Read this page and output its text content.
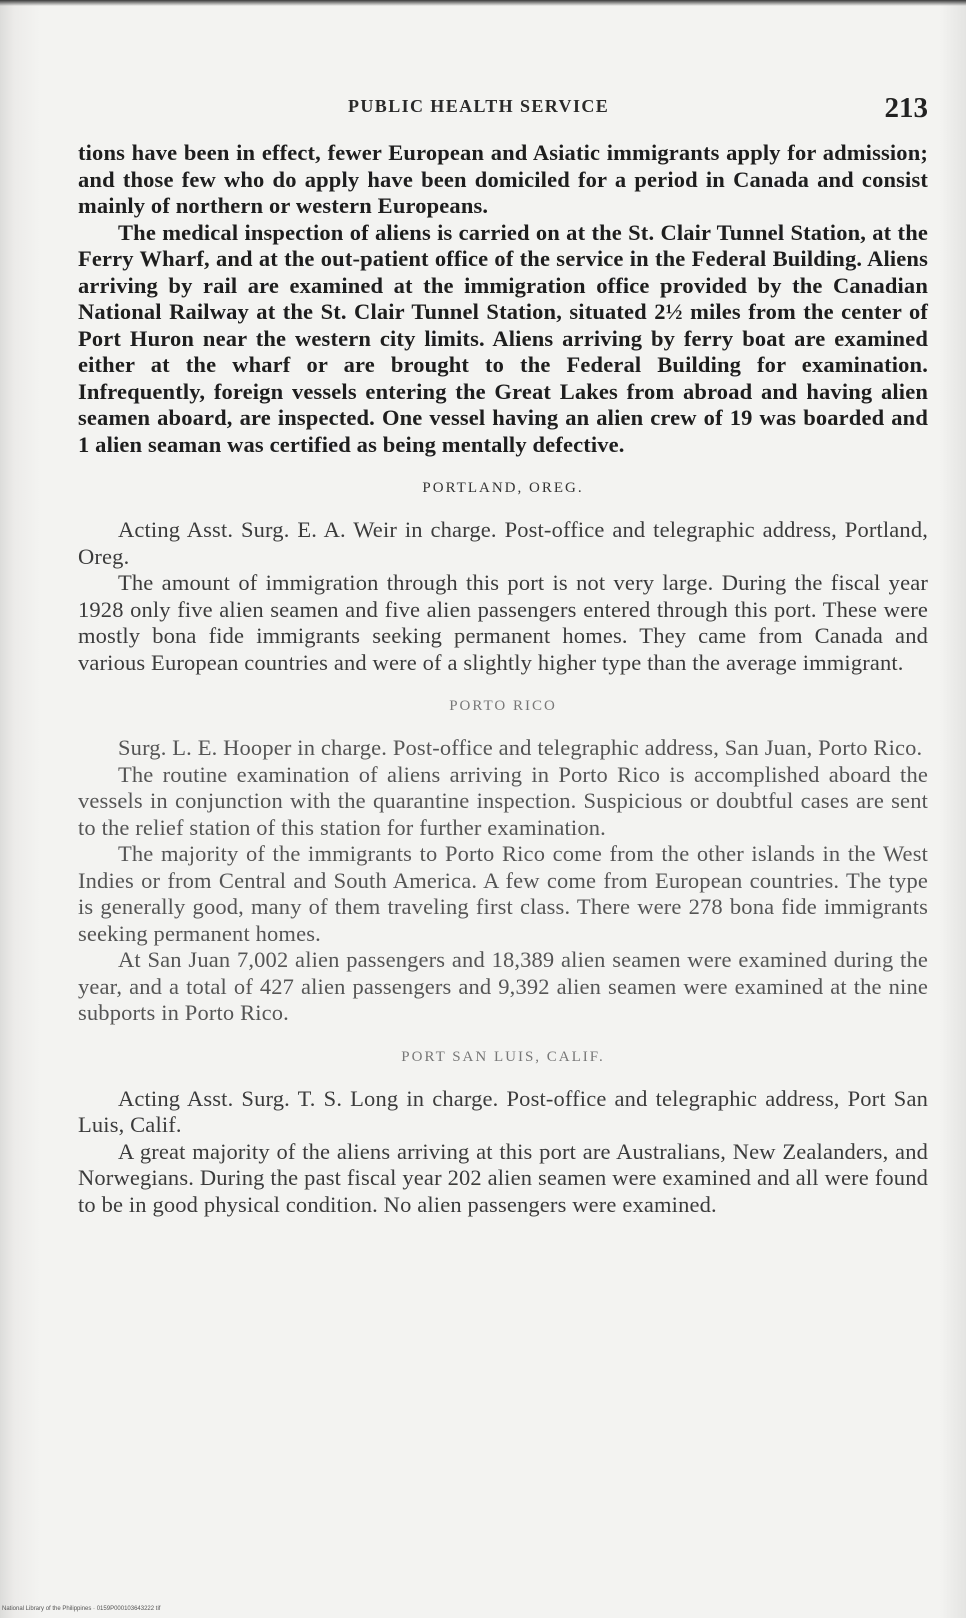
PUBLIC HEALTH SERVICE	213

tions have been in effect, fewer European and Asiatic immigrants apply for admission; and those few who do apply have been domiciled for a period in Canada and consist mainly of northern or western Europeans.

The medical inspection of aliens is carried on at the St. Clair Tunnel Station, at the Ferry Wharf, and at the out-patient office of the service in the Federal Building. Aliens arriving by rail are examined at the immigration office provided by the Canadian National Railway at the St. Clair Tunnel Station, situated 2½ miles from the center of Port Huron near the western city limits. Aliens arriving by ferry boat are examined either at the wharf or are brought to the Federal Building for examination. Infrequently, foreign vessels entering the Great Lakes from abroad and having alien seamen aboard, are inspected. One vessel having an alien crew of 19 was boarded and 1 alien seaman was certified as being mentally defective.

PORTLAND, OREG.

Acting Asst. Surg. E. A. Weir in charge. Post-office and telegraphic address, Portland, Oreg.

The amount of immigration through this port is not very large. During the fiscal year 1928 only five alien seamen and five alien passengers entered through this port. These were mostly bona fide immigrants seeking permanent homes. They came from Canada and various European countries and were of a slightly higher type than the average immigrant.

PORTO RICO

Surg. L. E. Hooper in charge. Post-office and telegraphic address, San Juan, Porto Rico.

The routine examination of aliens arriving in Porto Rico is accomplished aboard the vessels in conjunction with the quarantine inspection. Suspicious or doubtful cases are sent to the relief station of this station for further examination.

The majority of the immigrants to Porto Rico come from the other islands in the West Indies or from Central and South America. A few come from European countries. The type is generally good, many of them traveling first class. There were 278 bona fide immigrants seeking permanent homes.

At San Juan 7,002 alien passengers and 18,389 alien seamen were examined during the year, and a total of 427 alien passengers and 9,392 alien seamen were examined at the nine subports in Porto Rico.

PORT SAN LUIS, CALIF.

Acting Asst. Surg. T. S. Long in charge. Post-office and telegraphic address, Port San Luis, Calif.

A great majority of the aliens arriving at this port are Australians, New Zealanders, and Norwegians. During the past fiscal year 202 alien seamen were examined and all were found to be in good physical condition. No alien passengers were examined.

National Library of the Philippines · 0159P000103643222 tif
